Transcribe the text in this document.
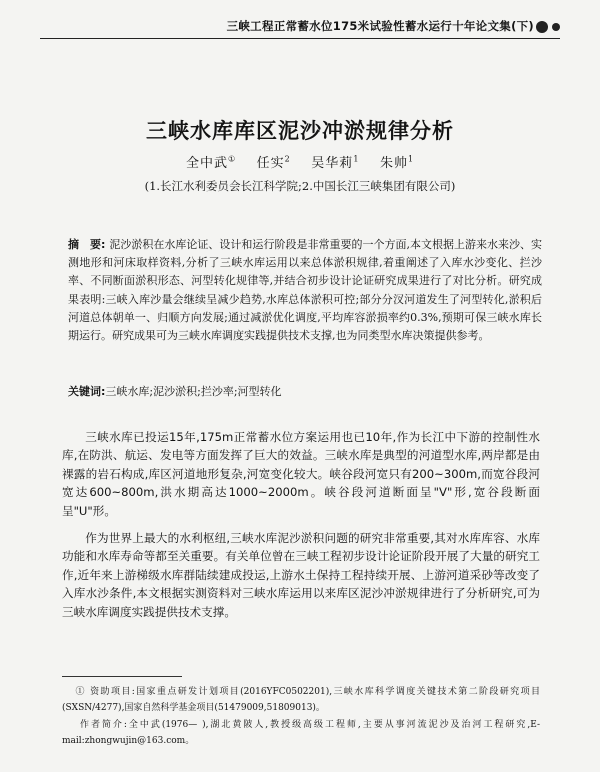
三峡工程正常蓄水位175米试验性蓄水运行十年论文集(下)
三峡水库库区泥沙冲淤规律分析
全中武① 任实$^2$ 吴华莉$^1$ 朱帅$^1$
(1.长江水利委员会长江科学院;2.中国长江三峡集团有限公司)
摘　要: 泥沙淤积在水库论证、设计和运行阶段是非常重要的一个方面,本文根据上游来水来沙、实测地形和河床取样资料,分析了三峡水库运用以来总体淤积规律,着重阐述了入库水沙变化、拦沙率、不同断面淤积形态、河型转化规律等,并结合初步设计论证研究成果进行了对比分析。研究成果表明:三峡入库沙量会继续呈减少趋势,水库总体淤积可控;部分分汊河道发生了河型转化,淤积后河道总体朝单一、归顺方向发展;通过减淤优化调度,平均库容淤损率约0.3%,预期可保三峡水库长期运行。研究成果可为三峡水库调度实践提供技术支撑,也为同类型水库决策提供参考。
关键词:三峡水库;泥沙淤积;拦沙率;河型转化

三峡水库已投运15年,175m正常蓄水位方案运用也已10年,作为长江中下游的控制性水库,在防洪、航运、发电等方面发挥了巨大的效益。三峡水库是典型的河道型水库,两岸都是由裸露的岩石构成,库区河道地形复杂,河宽变化较大。峡谷段河宽只有200~300m,而宽谷段河宽达600~800m,洪水期高达1000~2000m。峡谷段河道断面呈"V"形,宽谷段断面呈"U"形。

作为世界上最大的水利枢纽,三峡水库泥沙淤积问题的研究非常重要,其对水库库容、水库功能和水库寿命等都至关重要。有关单位曾在三峡工程初步设计论证阶段开展了大量的研究工作,近年来上游梯级水库群陆续建成投运,上游水土保持工程持续开展、上游河道采砂等改变了入库水沙条件,本文根据实测资料对三峡水库运用以来库区泥沙冲淤规律进行了分析研究,可为三峡水库调度实践提供技术支撑。

① 资助项目:国家重点研发计划项目(2016YFC0502201),三峡水库科学调度关键技术第二阶段研究项目(SXSN/4277),国家自然科学基金项目(51479009,51809013)。

作者简介:全中武(1976— ),湖北黄陂人,教授级高级工程师,主要从事河流泥沙及治河工程研究,E-mail:zhongwujin@163.com。
